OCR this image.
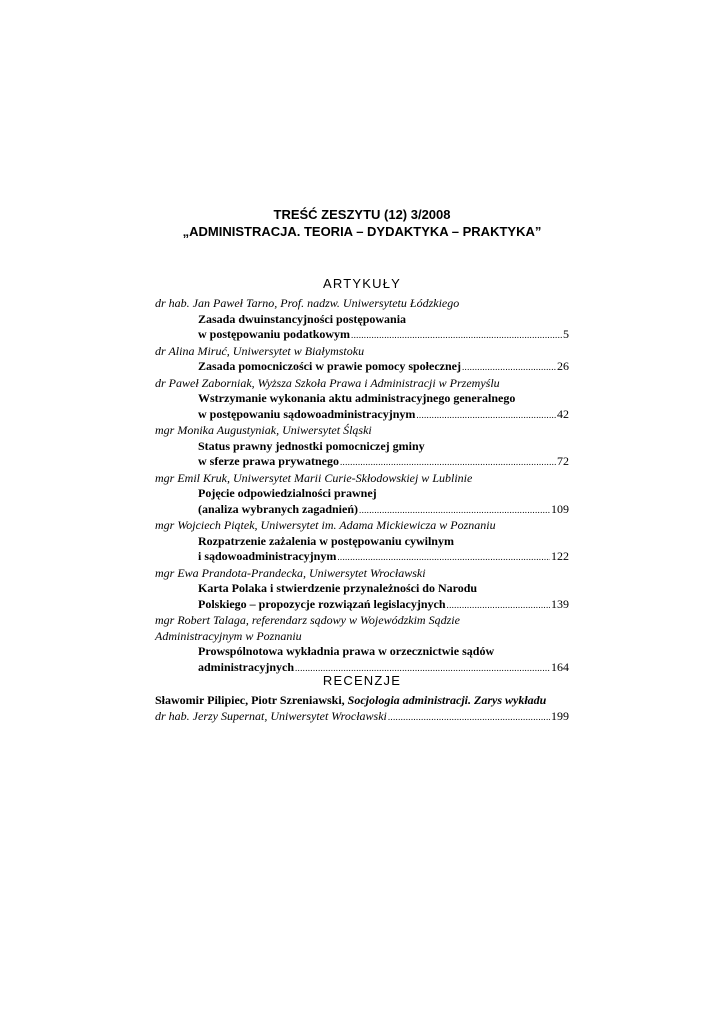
TREŚĆ ZESZYTU (12) 3/2008
„ADMINISTRACJA. TEORIA – DYDAKTYKA – PRAKTYKA”
ARTYKUŁY
dr hab. Jan Paweł Tarno, Prof. nadzw. Uniwersytetu Łódzkiego
Zasada dwuinstancyjności postępowania
w postępowaniu podatkowym .....	5
dr Alina Miruć, Uniwersytet w Białymstoku
Zasada pomocniczości w prawie pomocy społecznej .....	26
dr Paweł Zaborniak, Wyższa Szkoła Prawa i Administracji w Przemyślu
Wstrzymanie wykonania aktu administracyjnego generalnego
w postępowaniu sądowoadministracyjnym .....	42
mgr Monika Augustyniak, Uniwersytet Śląski
Status prawny jednostki pomocniczej gminy
w sferze prawa prywatnego .....	72
mgr Emil Kruk, Uniwersytet Marii Curie-Skłodowskiej w Lublinie
Pojęcie odpowiedzialności prawnej
(analiza wybranych zagadnień) .....	109
mgr Wojciech Piątek, Uniwersytet im. Adama Mickiewicza w Poznaniu
Rozpatrzenie zażalenia w postępowaniu cywilnym
i sądowoadministracyjnym .....	122
mgr Ewa Prandota-Prandecka, Uniwersytet Wrocławski
Karta Polaka i stwierdzenie przynależności do Narodu
Polskiego – propozycje rozwiązań legislacyjnych .....	139
mgr Robert Talaga, referendarz sądowy w Wojewódzkim Sądzie
Administracyjnym w Poznaniu
Prowspólnotowa wykładnia prawa w orzecznictwie sądów
administracyjnych .....	164
RECENZJE
Sławomir Pilipiec, Piotr Szreniawski, Socjologia administracji. Zarys wykładu
dr hab. Jerzy Supernat, Uniwersytet Wrocławski .....	199
